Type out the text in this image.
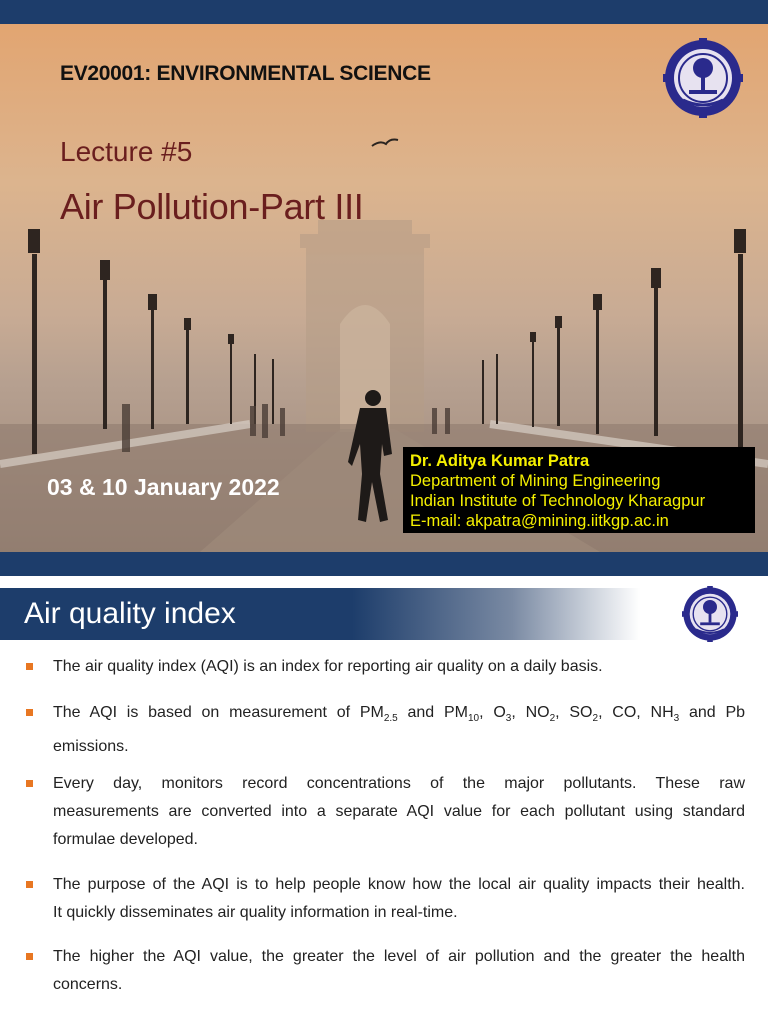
EV20001: ENVIRONMENTAL SCIENCE
Lecture #5
Air Pollution-Part III
03 & 10 January 2022
Dr. Aditya Kumar Patra
Department of Mining Engineering
Indian Institute of Technology Kharagpur
E-mail: akpatra@mining.iitkgp.ac.in
Air quality index
The air quality index (AQI) is an index for reporting air quality on a daily basis.
The AQI is based on measurement of $PM_{2.5}$ and $PM_{10}$, $O_3$, $NO_2$, $SO_2$, CO, $NH_3$ and Pb
emissions.
Every day, monitors record concentrations of the major pollutants. These raw
measurements are converted into a separate AQI value for each pollutant using standard
formulae developed.
The purpose of the AQI is to help people know how the local air quality impacts their health.
It quickly disseminates air quality information in real-time.
The higher the AQI value, the greater the level of air pollution and the greater the health
concerns.
